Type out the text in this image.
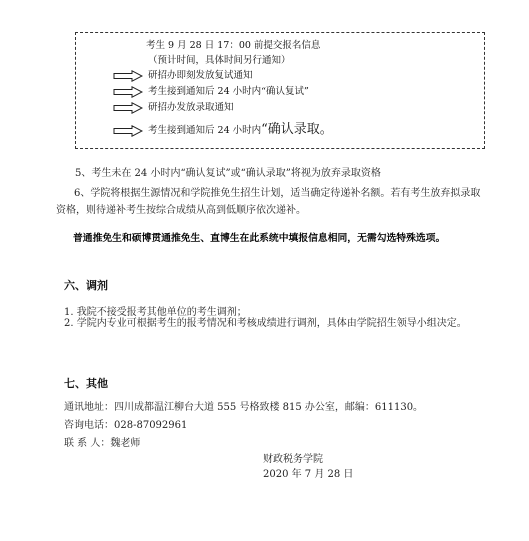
考生 9 月 28 日 17：00 前提交报名信息
（预计时间，具体时间另行通知）
研招办即刻发放复试通知
考生接到通知后 24 小时内“确认复试”
研招办发放录取通知
考生接到通知后 24 小时内“确认录取。
5、考生未在 24 小时内“确认复试”或“确认录取”将视为放弃录取资格
6、学院将根据生源情况和学院推免生招生计划，适当确定待递补名额。若有考生放弃拟录取资格，则待递补考生按综合成绩从高到低顺序依次递补。
普通推免生和硕博贯通推免生、直博生在此系统中填报信息相同，无需勾选特殊选项。
六、调剂
1. 我院不接受报考其他单位的考生调剂；
2. 学院内专业可根据考生的报考情况和考核成绩进行调剂，具体由学院招生领导小组决定。
七、其他
通讯地址：四川成都温江柳台大道 555 号格致楼 815 办公室，邮编：611130。
咨询电话：028-87092961
联 系 人：魏老师
财政税务学院
2020 年 7 月 28 日
